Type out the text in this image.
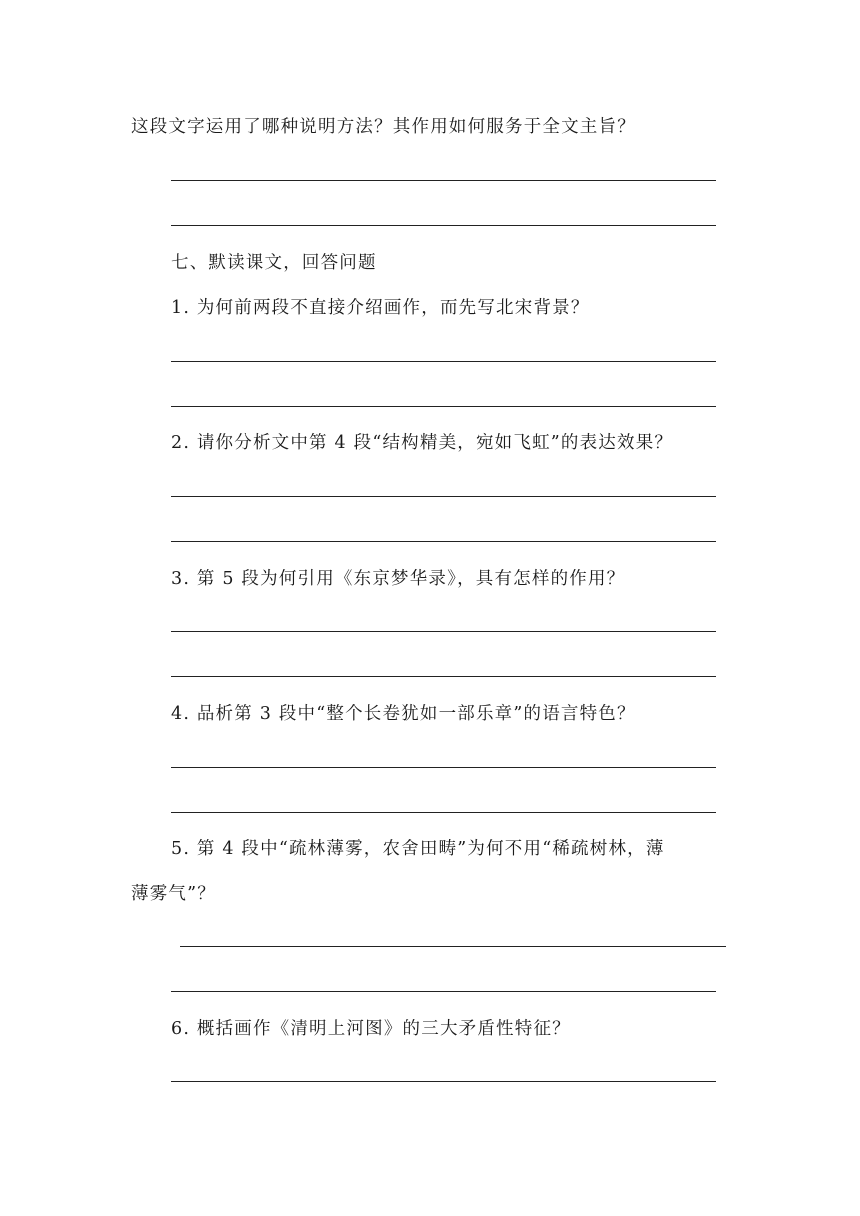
这段文字运用了哪种说明方法？其作用如何服务于全文主旨？
七、默读课文，回答问题
1. 为何前两段不直接介绍画作，而先写北宋背景？
2. 请你分析文中第 4 段“结构精美，宛如飞虹”的表达效果？
3. 第 5 段为何引用《东京梦华录》，具有怎样的作用？
4. 品析第 3 段中“整个长卷犹如一部乐章”的语言特色？
5. 第 4 段中“疏林薄雾，农舍田畴”为何不用“稀疏树林，薄
薄雾气”？
6. 概括画作《清明上河图》的三大矛盾性特征？
